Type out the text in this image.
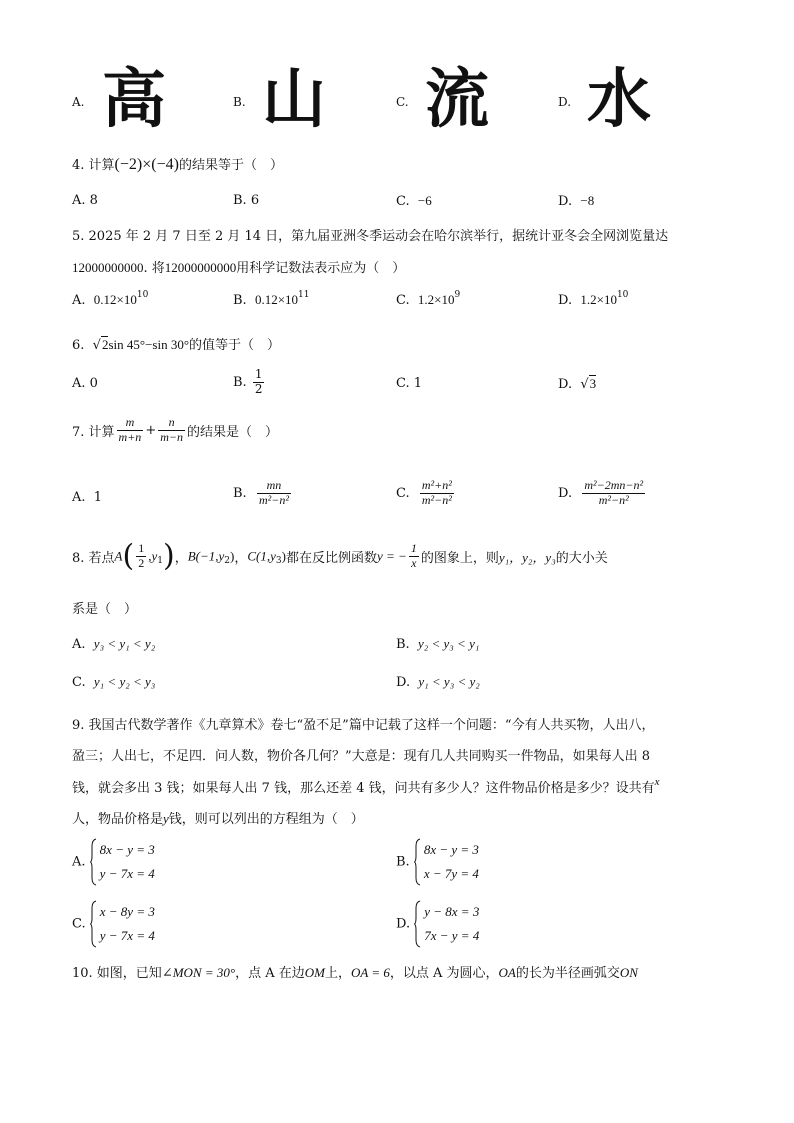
A. 高	B. 山	C. 流	D. 水
4. 计算(−2)×(−4)的结果等于（　）
A. 8	B. 6	C. −6	D. −8
5. 2025 年 2 月 7 日至 2 月 14 日，第九届亚洲冬季运动会在哈尔滨举行，据统计亚冬会全网浏览量达
12000000000. 将12000000000用科学记数法表示应为（　）
A. $0.12\times 10^{10}$	B. $0.12\times 10^{11}$	C. $1.2\times 10^9$	D. $1.2\times 10^{10}$
6. √2sin 45°−sin 30°的值等于（　）
A. 0	B. $\frac{1}{2}$	C. 1	D. √3
7. 计算 $\frac{m}{m+n} + \frac{n}{m-n}$ 的结果是（　）
A. 1	B. $\frac{mn}{\text{m²−n²}}$	C. $\frac{\text{m²+n²}}{\text{m²−n²}}$	D. $\frac{\text{m²−2mn−n²}}{\text{m²−n²}}$
8. 若点$A( \frac{1}{2} ,y_1)$，$B(-1,y_2)$，$C(1,y_3)$都在反比例函数y = − $\frac{1}{x}$ 的图象上，则y₁，y₂，y₃的大小关
系是（　）
A. y₃ < y₁ < y₂	B. y₂ < y₃ < y₁
C. y₁ < y₂ < y₃	D. y₁ < y₃ < y₂
9. 我国古代数学著作《九章算术》卷七“盈不足”篇中记载了这样一个问题：“今有人共买物，人出八，
盈三；人出七，不足四．问人数，物价各几何？”大意是：现有几人共同购买一件物品，如果每人出 8
钱，就会多出 3 钱；如果每人出 7 钱，那么还差 4 钱，问共有多少人？这件物品价格是多少？设共有$^x$
人，物品价格是y钱，则可以列出的方程组为（　）
A.
8x − y = 3
y − 7x = 4
B.
8x − y = 3
x − 7y = 4
C.
x − 8y = 3
y − 7x = 4
D.
y − 8x = 3
7x − y = 4
10. 如图，已知∠MON = 30°，点 A 在边OM上，OA = 6，以点 A 为圆心，OA的长为半径画弧交ON
